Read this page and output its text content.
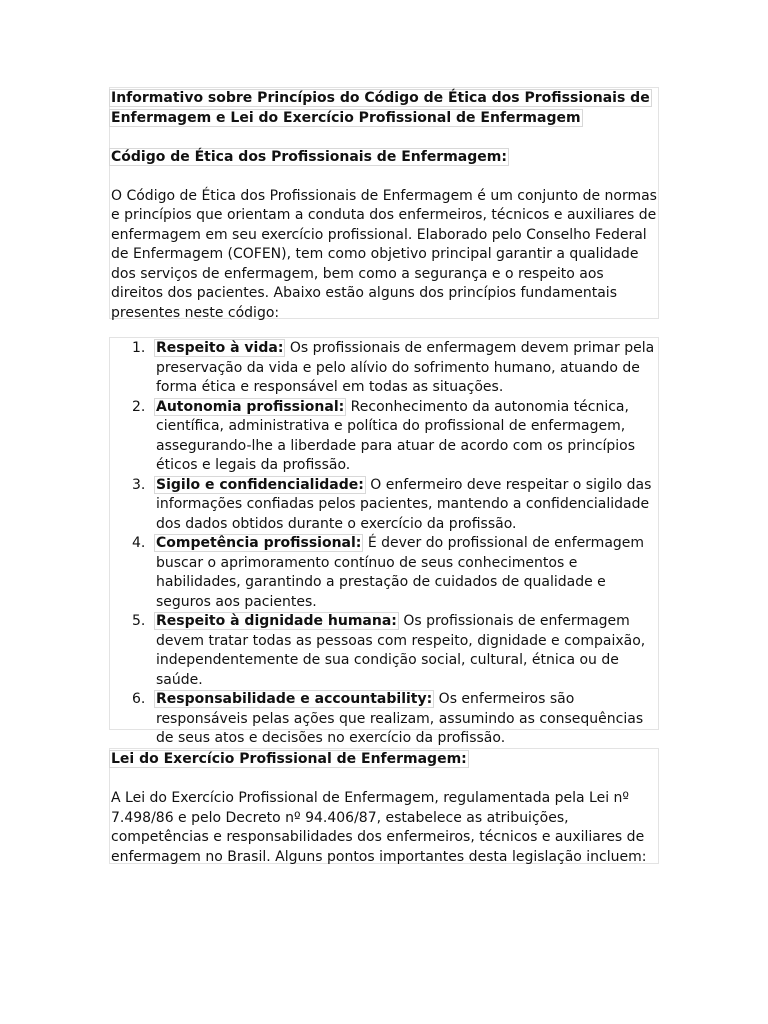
Informativo sobre Princípios do Código de Ética dos Profissionais de
Enfermagem e Lei do Exercício Profissional de Enfermagem

Código de Ética dos Profissionais de Enfermagem:

O Código de Ética dos Profissionais de Enfermagem é um conjunto de normas e princípios que orientam a conduta dos enfermeiros, técnicos e auxiliares de enfermagem em seu exercício profissional. Elaborado pelo Conselho Federal de Enfermagem (COFEN), tem como objetivo principal garantir a qualidade dos serviços de enfermagem, bem como a segurança e o respeito aos direitos dos pacientes. Abaixo estão alguns dos princípios fundamentais presentes neste código:

1. Respeito à vida: Os profissionais de enfermagem devem primar pela preservação da vida e pelo alívio do sofrimento humano, atuando de forma ética e responsável em todas as situações.
2. Autonomia profissional: Reconhecimento da autonomia técnica, científica, administrativa e política do profissional de enfermagem, assegurando-lhe a liberdade para atuar de acordo com os princípios éticos e legais da profissão.
3. Sigilo e confidencialidade: O enfermeiro deve respeitar o sigilo das informações confiadas pelos pacientes, mantendo a confidencialidade dos dados obtidos durante o exercício da profissão.
4. Competência profissional: É dever do profissional de enfermagem buscar o aprimoramento contínuo de seus conhecimentos e habilidades, garantindo a prestação de cuidados de qualidade e seguros aos pacientes.
5. Respeito à dignidade humana: Os profissionais de enfermagem devem tratar todas as pessoas com respeito, dignidade e compaixão, independentemente de sua condição social, cultural, étnica ou de saúde.
6. Responsabilidade e accountability: Os enfermeiros são responsáveis pelas ações que realizam, assumindo as consequências de seus atos e decisões no exercício da profissão.

Lei do Exercício Profissional de Enfermagem:

A Lei do Exercício Profissional de Enfermagem, regulamentada pela Lei nº 7.498/86 e pelo Decreto nº 94.406/87, estabelece as atribuições, competências e responsabilidades dos enfermeiros, técnicos e auxiliares de enfermagem no Brasil. Alguns pontos importantes desta legislação incluem:
